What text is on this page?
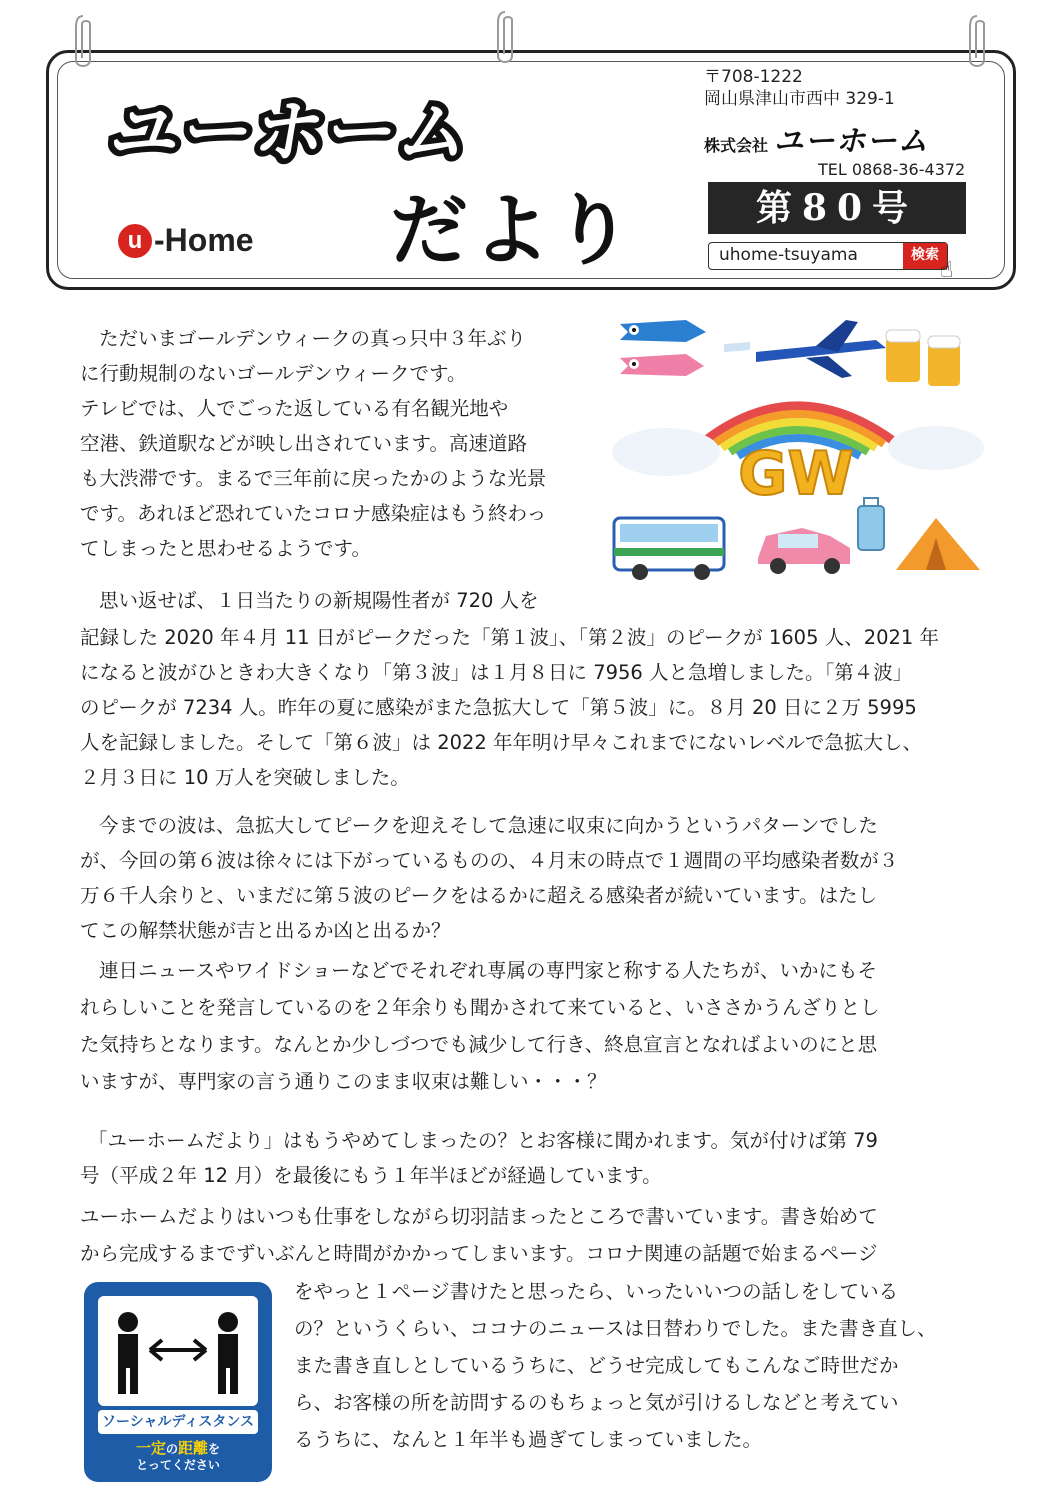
ユーホーム
だより
u -Home
〒708-1222
岡山県津山市西中 329-1
株式会社 ユーホーム
TEL 0868-36-4372
第80号
uhome-tsuyama	検索
☝
GW
ただいまゴールデンウィークの真っ只中３年ぶり
に行動規制のないゴールデンウィークです。
テレビでは、人でごった返している有名観光地や
空港、鉄道駅などが映し出されています。高速道路
も大渋滞です。まるで三年前に戻ったかのような光景
です。あれほど恐れていたコロナ感染症はもう終わっ
てしまったと思わせるようです。
思い返せば、１日当たりの新規陽性者が 720 人を
記録した 2020 年４月 11 日がピークだった「第１波」、「第２波」のピークが 1605 人、2021 年
になると波がひときわ大きくなり「第３波」は１月８日に 7956 人と急増しました。「第４波」
のピークが 7234 人。昨年の夏に感染がまた急拡大して「第５波」に。８月 20 日に２万 5995
人を記録しました。そして「第６波」は 2022 年年明け早々これまでにないレベルで急拡大し、
２月３日に 10 万人を突破しました。
今までの波は、急拡大してピークを迎えそして急速に収束に向かうというパターンでした
が、今回の第６波は徐々には下がっているものの、４月末の時点で１週間の平均感染者数が３
万６千人余りと、いまだに第５波のピークをはるかに超える感染者が続いています。はたし
てこの解禁状態が吉と出るか凶と出るか？
連日ニュースやワイドショーなどでそれぞれ専属の専門家と称する人たちが、いかにもそ
れらしいことを発言しているのを２年余りも聞かされて来ていると、いささかうんざりとし
た気持ちとなります。なんとか少しづつでも減少して行き、終息宣言となればよいのにと思
いますが、専門家の言う通りこのまま収束は難しい・・・？
「ユーホームだより」はもうやめてしまったの？とお客様に聞かれます。気が付けば第 79
号（平成２年 12 月）を最後にもう１年半ほどが経過しています。
ユーホームだよりはいつも仕事をしながら切羽詰まったところで書いています。書き始めて
から完成するまでずいぶんと時間がかかってしまいます。コロナ関連の話題で始まるページ
をやっと１ページ書けたと思ったら、いったいいつの話しをしている
の？というくらい、ココナのニュースは日替わりでした。また書き直し、
また書き直しとしているうちに、どうせ完成してもこんなご時世だか
ら、お客様の所を訪問するのもちょっと気が引けるしなどと考えてい
るうちに、なんと１年半も過ぎてしまっていました。
ソーシャルディスタンス
一定の距離を
とってください
